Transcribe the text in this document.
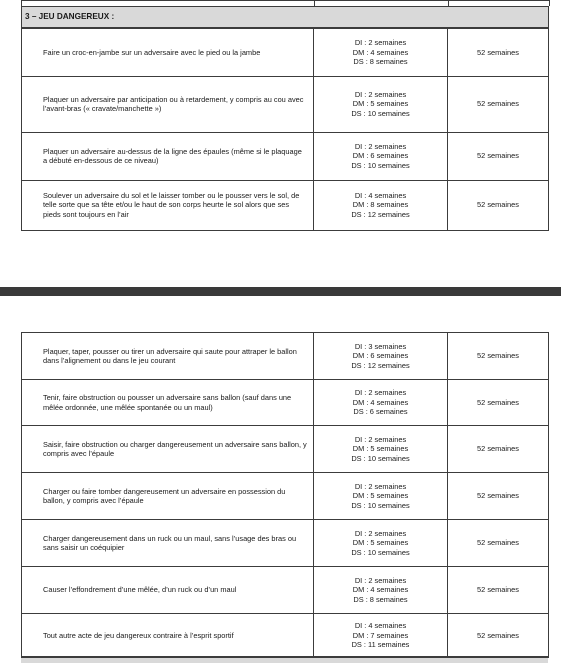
3 – JEU DANGEREUX :		
Faire un croc-en-jambe sur un adversaire avec le pied ou la jambe	DI : 2 semaines
DM : 4 semaines
DS : 8 semaines	52 semaines
Plaquer un adversaire par anticipation ou à retardement, y compris au cou avec l’avant-bras (« cravate/manchette »)	DI : 2 semaines
DM : 5 semaines
DS : 10 semaines	52 semaines
Plaquer un adversaire au-dessus de la ligne des épaules (même si le plaquage a débuté en-dessous de ce niveau)	DI : 2 semaines
DM : 6 semaines
DS : 10 semaines	52 semaines
Soulever un adversaire du sol et le laisser tomber ou le pousser vers le sol, de telle sorte que sa tête et/ou le haut de son corps heurte le sol alors que ses pieds sont toujours en l’air	DI : 4 semaines
DM : 8 semaines
DS : 12 semaines	52 semaines
Plaquer, taper, pousser ou tirer un adversaire qui saute pour attraper le ballon dans l’alignement ou dans le jeu courant	DI : 3 semaines
DM : 6 semaines
DS : 12 semaines	52 semaines
Tenir, faire obstruction ou pousser un adversaire sans ballon (sauf dans une mêlée ordonnée, une mêlée spontanée ou un maul)	DI : 2 semaines
DM : 4 semaines
DS : 6 semaines	52 semaines
Saisir, faire obstruction ou charger dangereusement un adversaire sans ballon, y compris avec l’épaule	DI : 2 semaines
DM : 5 semaines
DS : 10 semaines	52 semaines
Charger ou faire tomber dangereusement un adversaire en possession du ballon, y compris avec l’épaule	DI : 2 semaines
DM : 5 semaines
DS : 10 semaines	52 semaines
Charger dangereusement dans un ruck ou un maul, sans l’usage des bras ou sans saisir un coéquipier	DI : 2 semaines
DM : 5 semaines
DS : 10 semaines	52 semaines
Causer l’effondrement d’une mêlée, d’un ruck ou d’un maul	DI : 2 semaines
DM : 4 semaines
DS : 8 semaines	52 semaines
Tout autre acte de jeu dangereux contraire à l’esprit sportif	DI : 4 semaines
DM : 7 semaines
DS : 11 semaines	52 semaines
